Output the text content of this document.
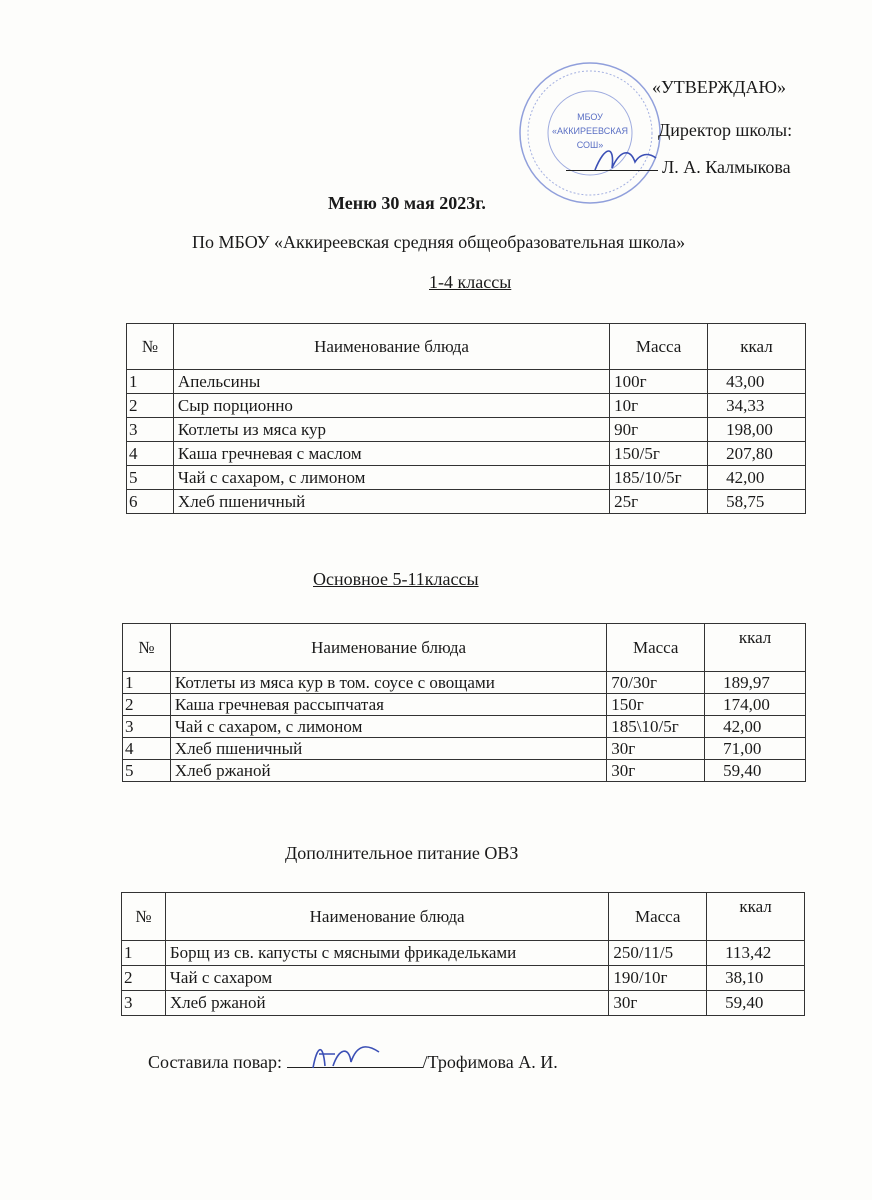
МБОУ
«АККИРЕЕВСКАЯ
СОШ»
«УТВЕРЖДАЮ»
Директор школы:
Л. А. Калмыкова
Меню 30 мая 2023г.
По МБОУ «Аккиреевская средняя общеобразовательная школа»
1-4 классы
№	Наименование блюда	Масса	ккал
1	Апельсины	100г	43,00
2	Сыр порционно	10г	34,33
3	Котлеты из мяса кур	90г	198,00
4	Каша гречневая с маслом	150/5г	207,80
5	Чай с сахаром, с лимоном	185/10/5г	42,00
6	Хлеб пшеничный	25г	58,75
Основное 5-11классы
№	Наименование блюда	Масса	ккал
1	Котлеты из мяса кур в том. соусе с овощами	70/30г	189,97
2	Каша гречневая рассыпчатая	150г	174,00
3	Чай с сахаром, с лимоном	185\10/5г	42,00
4	Хлеб пшеничный	30г	71,00
5	Хлеб ржаной	30г	59,40
Дополнительное питание ОВЗ
№	Наименование блюда	Масса	ккал
1	Борщ из св. капусты с мясными фрикадельками	250/11/5	113,42
2	Чай с сахаром	190/10г	38,10
3	Хлеб ржаной	30г	59,40
Составила повар:	/Трофимова А. И.
